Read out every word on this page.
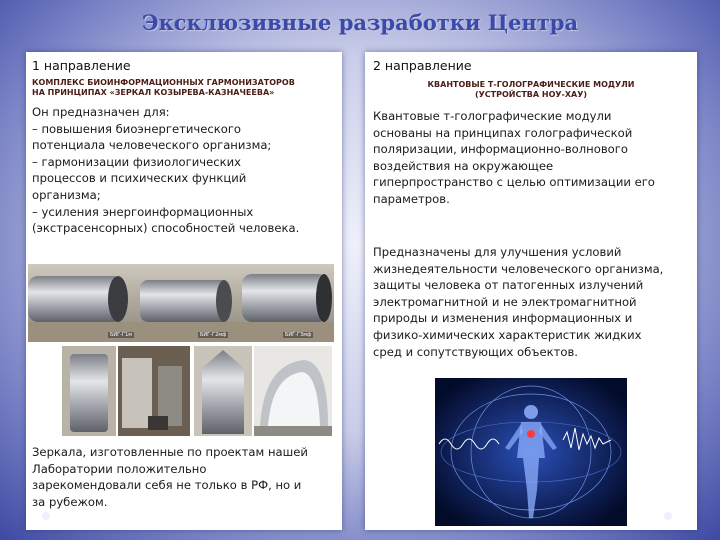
Эксклюзивные разработки Центра
1 направление
КОМПЛЕКС БИОИНФОРМАЦИОННЫХ ГАРМОНИЗАТОРОВ
НА ПРИНЦИПАХ «ЗЕРКАЛ КОЗЫРЕВА-КАЗНАЧЕЕВА»
Он предназначен для:
– повышения биоэнергетического
потенциала человеческого организма;
– гармонизации физиологических
процессов и психических функций
организма;
– усиления энергоинформационных
(экстрасенсорных) способностей человека.
БИГ-Г1м	БИГ-Г2мф	БИГ-Г3мф
Зеркала, изготовленные по проектам нашей
Лаборатории положительно
зарекомендовали себя не только в РФ, но и
за рубежом.
2 направление
КВАНТОВЫЕ Т-ГОЛОГРАФИЧЕСКИЕ МОДУЛИ
(УСТРОЙСТВА НОУ-ХАУ)
Квантовые т-голографические модули
основаны на принципах голографической
поляризации, информационно-волнового
воздействия на окружающее
гиперпространство с целью оптимизации его
параметров.
Предназначены для улучшения условий
жизнедеятельности человеческого организма,
защиты человека от патогенных излучений
электромагнитной и не электромагнитной
природы и изменения информационных и
физико-химических характеристик жидких
сред и сопутствующих объектов.
